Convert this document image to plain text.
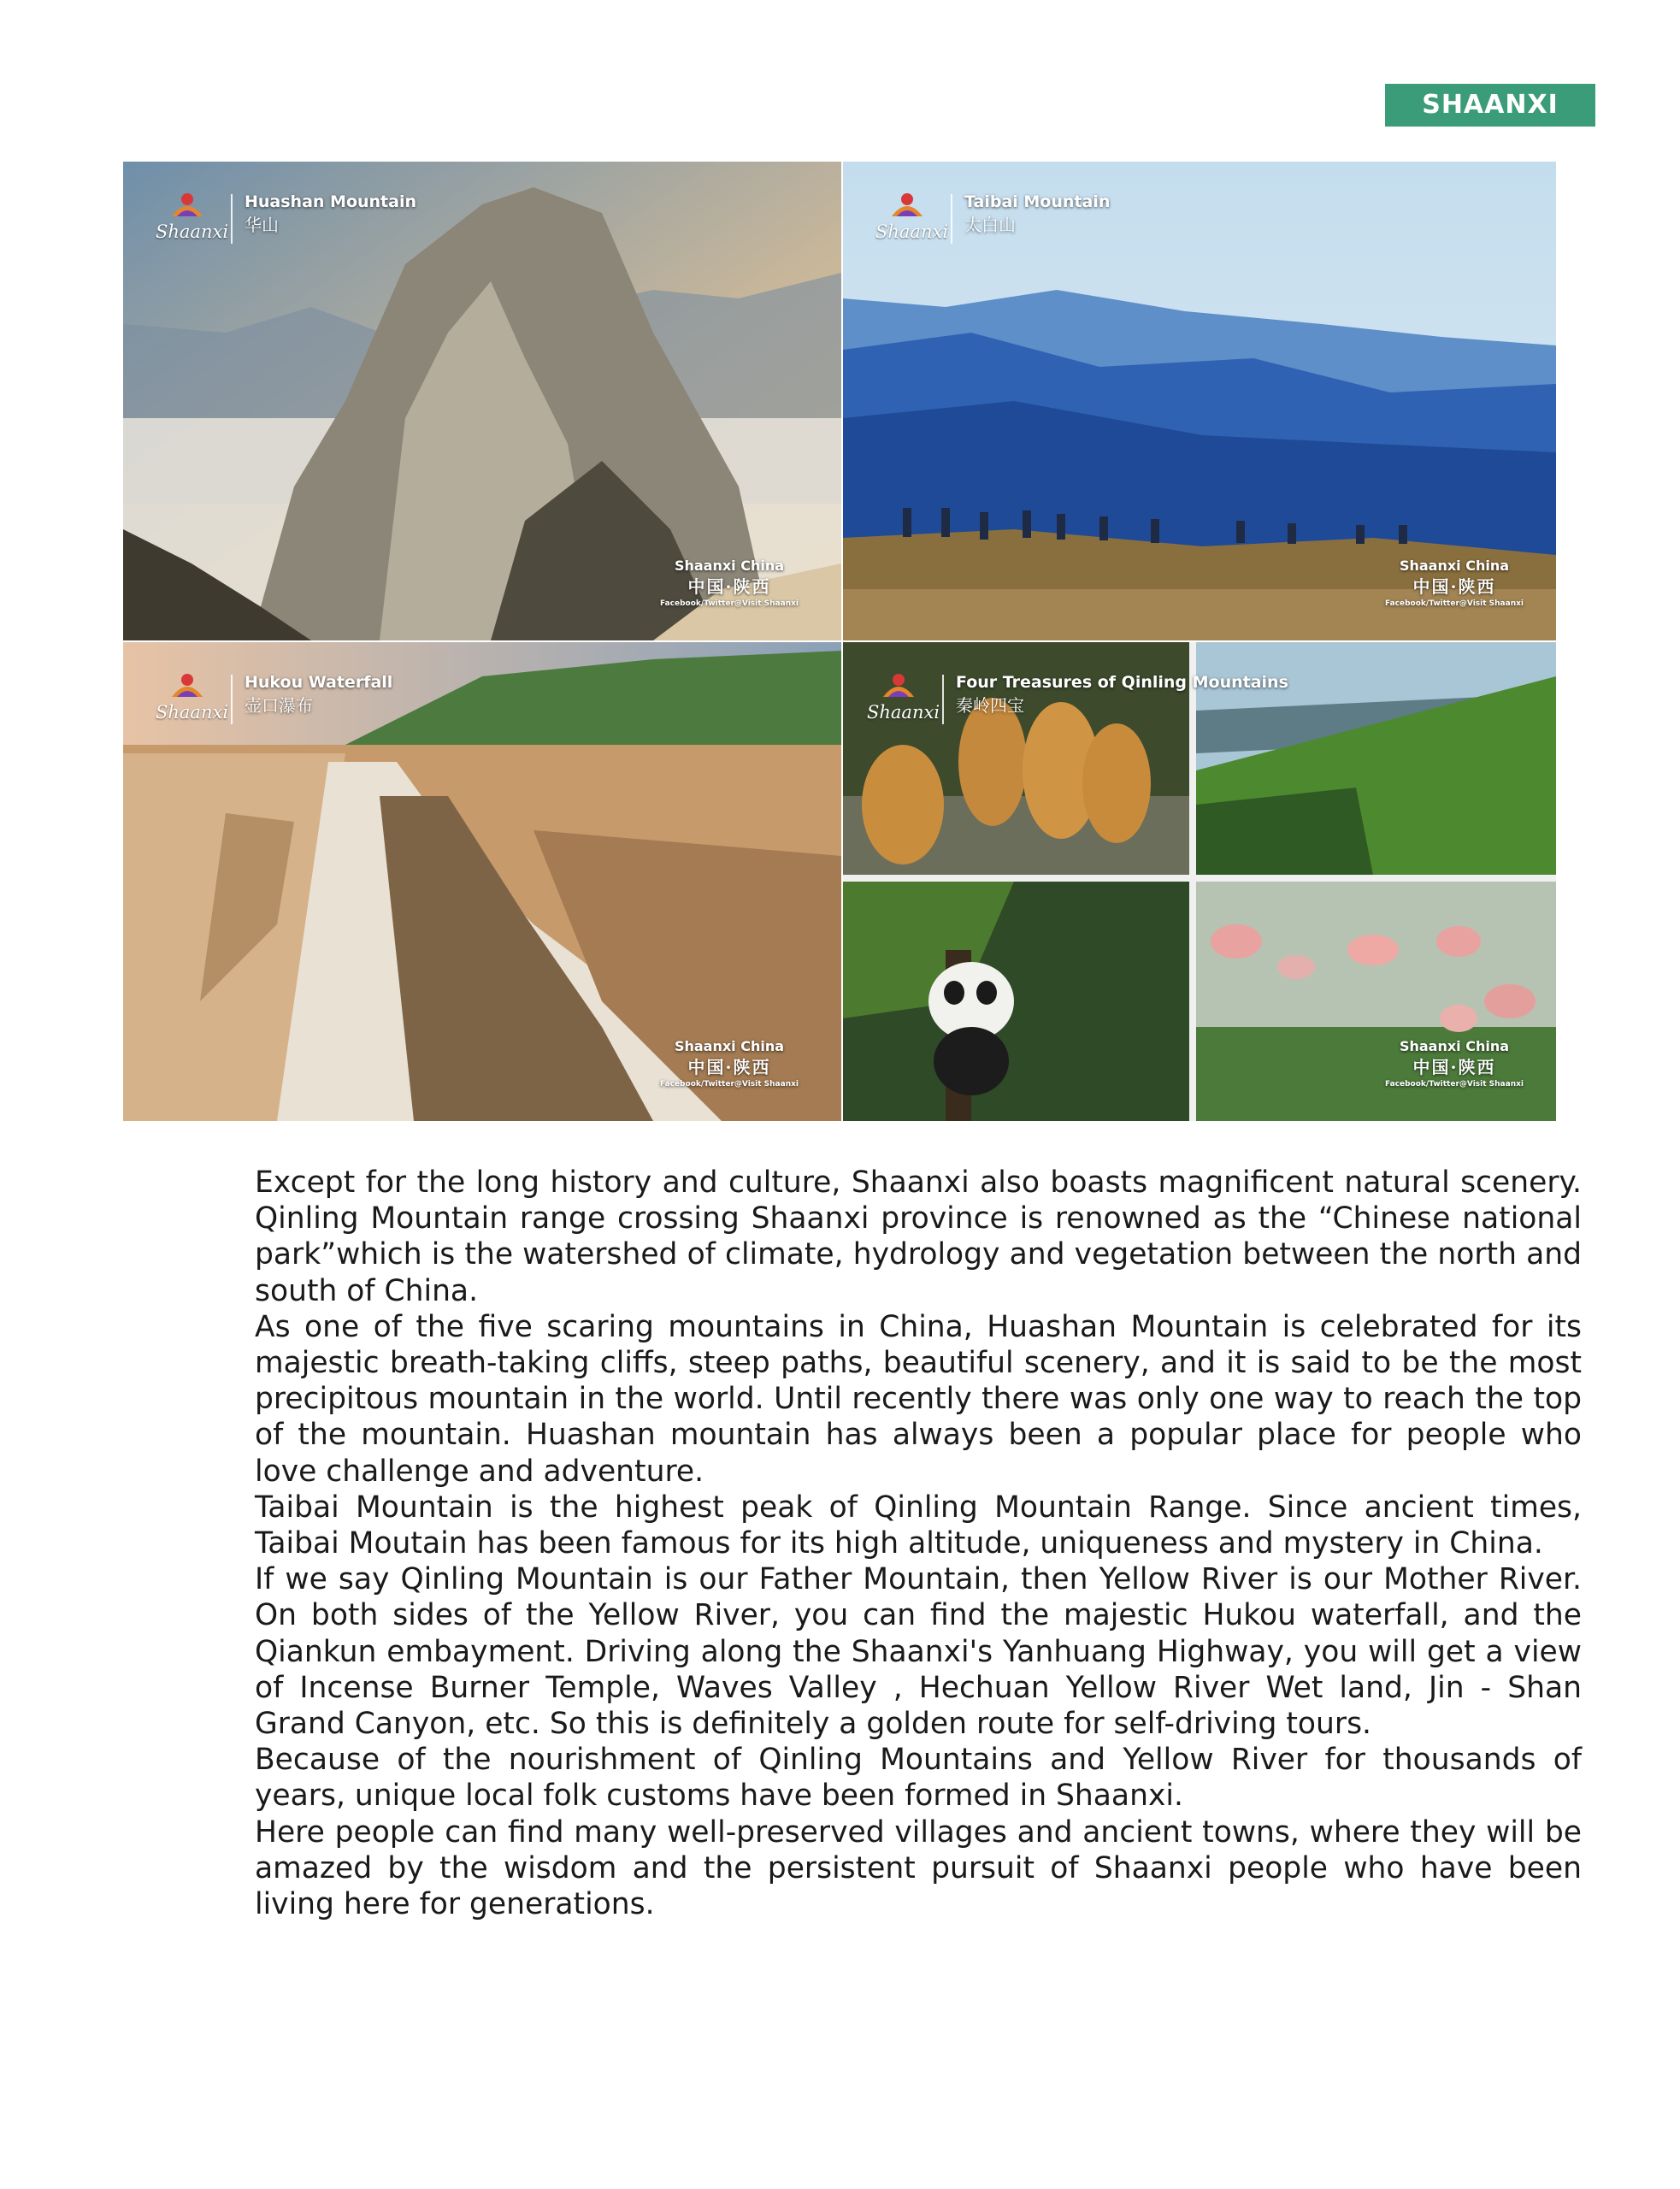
SHAANXI
Shaanxi
Huashan Mountain
华山
Shaanxi China
中国·陕西
Facebook/Twitter@Visit Shaanxi
Shaanxi
Taibai Mountain
太白山
Shaanxi China
中国·陕西
Facebook/Twitter@Visit Shaanxi
Shaanxi
Hukou Waterfall
壶口瀑布
Shaanxi China
中国·陕西
Facebook/Twitter@Visit Shaanxi
Shaanxi
Four Treasures of Qinling Mountains
秦岭四宝
Shaanxi China
中国·陕西
Facebook/Twitter@Visit Shaanxi

Except for the long history and culture, Shaanxi also boasts magnificent natural scenery. Qinling Mountain range crossing Shaanxi province is renowned as the “Chinese national park”which is the watershed of climate, hydrology and vegetation between the north and south of China.

As one of the five scaring mountains in China, Huashan Mountain is celebrated for its majestic breath-taking cliffs, steep paths, beautiful scenery, and it is said to be the most precipitous mountain in the world. Until recently there was only one way to reach the top of the mountain. Huashan mountain has always been a popular place for people who love challenge and adventure.

Taibai Mountain is the highest peak of Qinling Mountain Range. Since ancient times, Taibai Moutain has been famous for its high altitude, uniqueness and mystery in China.

If we say Qinling Mountain is our Father Mountain, then Yellow River is our Mother River. On both sides of the Yellow River, you can find the majestic Hukou waterfall, and the Qiankun embayment. Driving along the Shaanxi's Yanhuang Highway, you will get a view of Incense Burner Temple, Waves Valley , Hechuan Yellow River Wet land, Jin - Shan Grand Canyon, etc. So this is definitely a golden route for self-driving tours.

Because of the nourishment of Qinling Mountains and Yellow River for thousands of years, unique local folk customs have been formed in Shaanxi.

Here people can find many well-preserved villages and ancient towns, where they will be amazed by the wisdom and the persistent pursuit of Shaanxi people who have been living here for generations.
